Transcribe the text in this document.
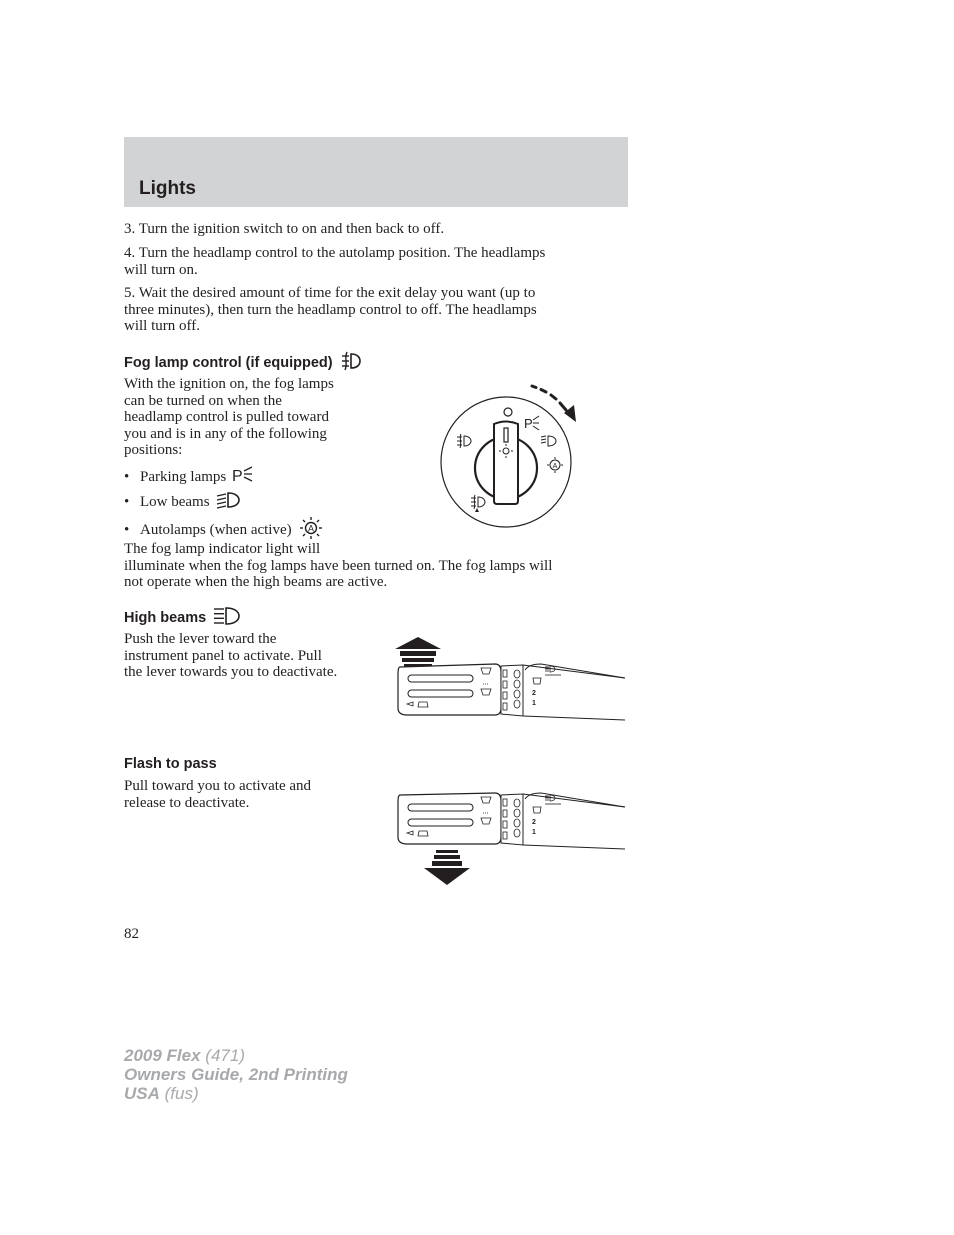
Lights
3. Turn the ignition switch to on and then back to off.
4. Turn the headlamp control to the autolamp position. The headlamps
will turn on.
5. Wait the desired amount of time for the exit delay you want (up to
three minutes), then turn the headlamp control to off. The headlamps
will turn off.
Fog lamp control (if equipped)
With the ignition on, the fog lamps
can be turned on when the
headlamp control is pulled toward
you and is in any of the following
positions:
• Parking lamps P
• Low beams
• Autolamps (when active) A
The fog lamp indicator light will
illuminate when the fog lamps have been turned on. The fog lamps will
not operate when the high beams are active.
P
A
High beams
Push the lever toward the
instrument panel to activate. Pull
the lever towards you to deactivate.
2
1
Flash to pass
Pull toward you to activate and
release to deactivate.
2
1
82
2009 Flex (471)
Owners Guide, 2nd Printing
USA (fus)
